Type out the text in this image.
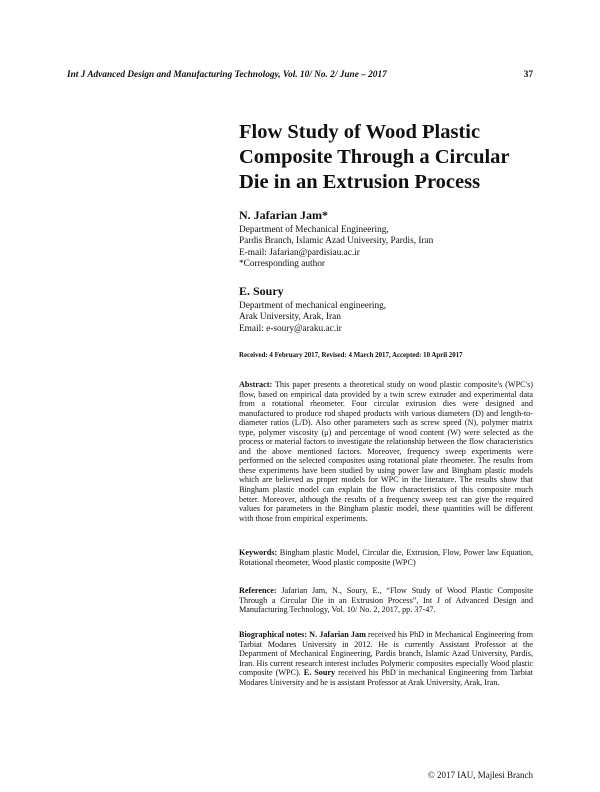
Int J Advanced Design and Manufacturing Technology, Vol. 10/ No. 2/ June – 2017	37
Flow Study of Wood Plastic
Composite Through a Circular
Die in an Extrusion Process
N. Jafarian Jam*
Department of Mechanical Engineering,
Pardis Branch, Islamic Azad University, Pardis, Iran
E-mail: Jafarian@pardisiau.ac.ir
*Corresponding author
E. Soury
Department of mechanical engineering,
Arak University, Arak, Iran
Email: e-soury@araku.ac.ir
Received: 4 February 2017, Revised: 4 March 2017, Accepted: 10 April 2017

Abstract: This paper presents a theoretical study on wood plastic composite's (WPC's) flow, based on empirical data provided by a twin screw extruder and experimental data from a rotational rheometer. Four circular extrusion dies were designed and manufactured to produce rod shaped products with various diameters (D) and length-to-diameter ratios (L/D). Also other parameters such as screw speed (N), polymer matrix type, polymer viscosity (μ) and percentage of wood content (W) were selected as the process or material factors to investigate the relationship between the flow characteristics and the above mentioned factors. Moreover, frequency sweep experiments were performed on the selected composites using rotational plate rheometer. The results from these experiments have been studied by using power law and Bingham plastic models which are believed as proper models for WPC in the literature. The results show that Bingham plastic model can explain the flow characteristics of this composite much better. Moreover, although the results of a frequency sweep test can give the required values for parameters in the Bingham plastic model, these quantities will be different with those from empirical experiments.

Keywords: Bingham plastic Model, Circular die, Extrusion, Flow, Power law Equation, Rotational rheometer, Wood plastic composite (WPC)

Reference: Jafarian Jam, N., Soury, E., “Flow Study of Wood Plastic Composite Through a Circular Die in an Extrusion Process”, Int J of Advanced Design and Manufacturing Technology, Vol. 10/ No. 2, 2017, pp. 37-47.

Biographical notes: N. Jafarian Jam received his PhD in Mechanical Engineering from Tarbiat Modares University in 2012. He is currently Assistant Professor at the Department of Mechanical Engineering, Pardis branch, Islamic Azad University, Pardis, Iran. His current research interest includes Polymeric composites especially Wood plastic composite (WPC). E. Soury received his PhD in mechanical Engineering from Tarbiat Modares University and he is assistant Professor at Arak University, Arak, Iran.

© 2017 IAU, Majlesi Branch
